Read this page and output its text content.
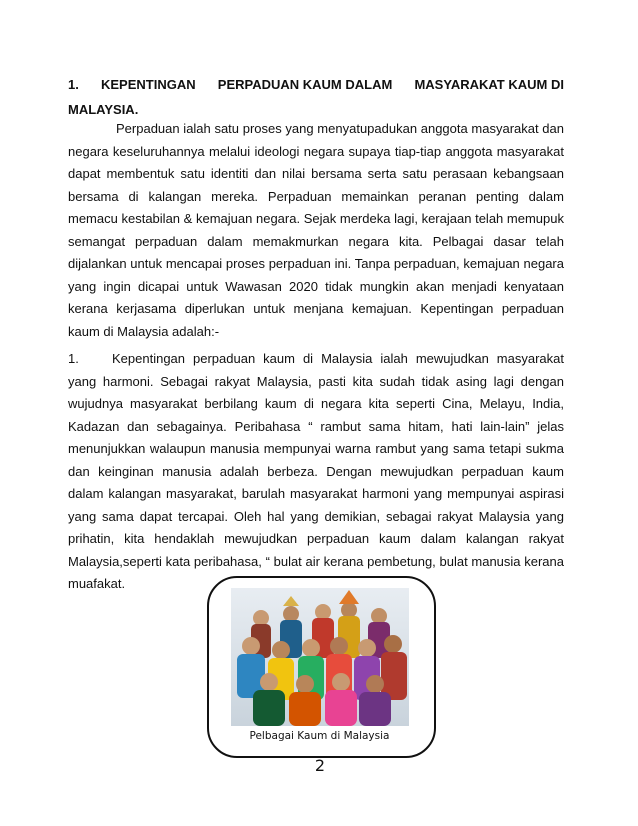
1. KEPENTINGAN PERPADUAN KAUM DALAM MASYARAKAT KAUM DI
MALAYSIA.
Perpaduan ialah satu proses yang menyatupadukan anggota masyarakat dan negara keseluruhannya melalui ideologi negara supaya tiap-tiap anggota masyarakat dapat membentuk satu identiti dan nilai bersama serta satu perasaan kebangsaan bersama di kalangan mereka. Perpaduan memainkan peranan penting dalam memacu kestabilan & kemajuan negara. Sejak merdeka lagi, kerajaan telah memupuk semangat perpaduan dalam memakmurkan negara kita. Pelbagai dasar telah dijalankan untuk mencapai proses perpaduan ini. Tanpa perpaduan, kemajuan negara yang ingin dicapai untuk Wawasan 2020 tidak mungkin akan menjadi kenyataan kerana kerjasama diperlukan untuk menjana kemajuan. Kepentingan perpaduan kaum di Malaysia adalah:-
1.	Kepentingan perpaduan kaum di Malaysia ialah mewujudkan masyarakat yang harmoni. Sebagai rakyat Malaysia, pasti kita sudah tidak asing lagi dengan wujudnya masyarakat berbilang kaum di negara kita seperti Cina, Melayu, India, Kadazan dan sebagainya. Peribahasa “ rambut sama hitam, hati lain-lain” jelas menunjukkan walaupun manusia mempunyai warna rambut yang sama tetapi sukma dan keinginan manusia adalah berbeza. Dengan mewujudkan perpaduan kaum dalam kalangan masyarakat, barulah masyarakat harmoni yang mempunyai aspirasi yang sama dapat tercapai. Oleh hal yang demikian, sebagai rakyat Malaysia yang prihatin, kita hendaklah mewujudkan perpaduan kaum dalam kalangan rakyat Malaysia,seperti kata peribahasa, “ bulat air kerana pembetung, bulat manusia kerana muafakat.
Pelbagai Kaum di Malaysia
2
